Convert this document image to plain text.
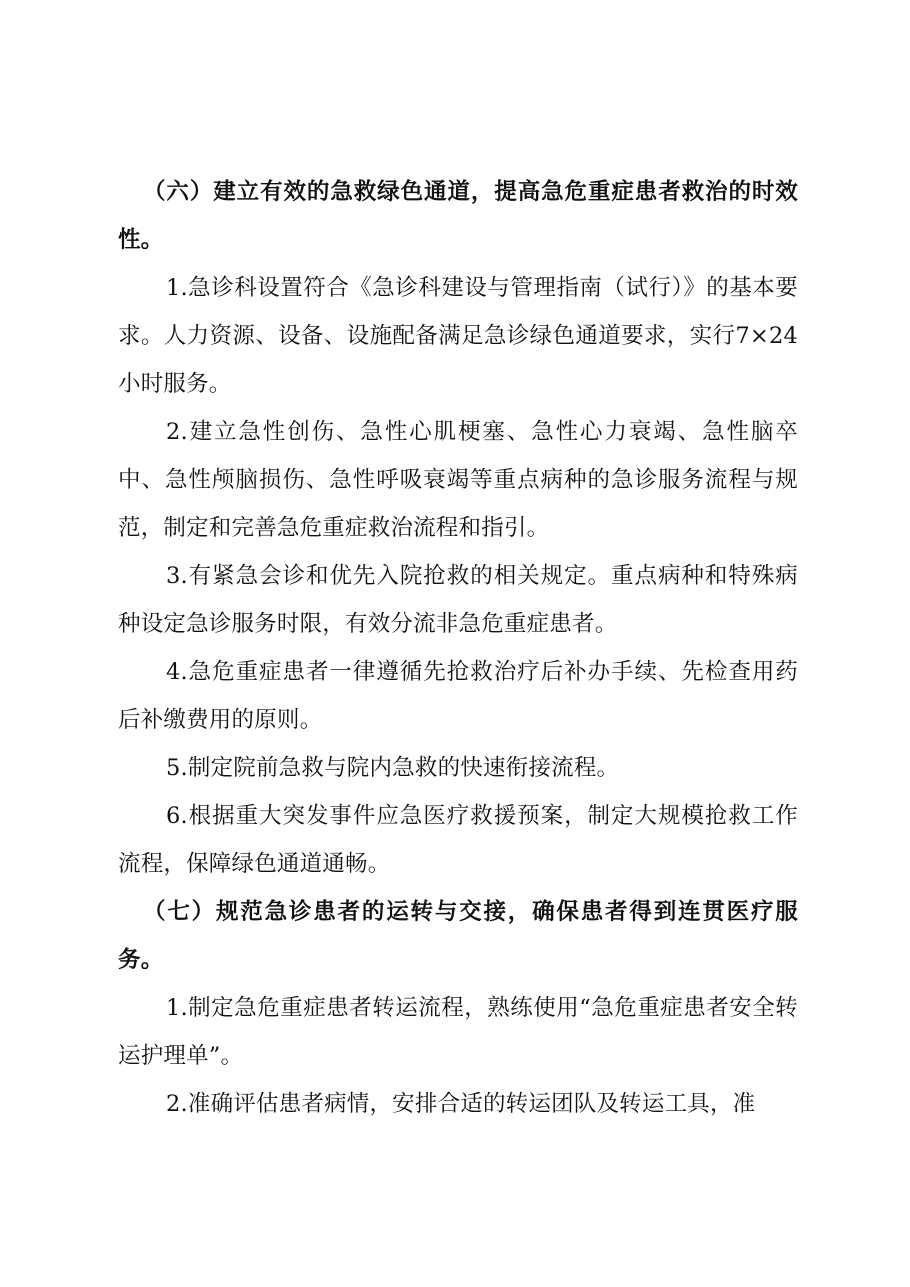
（六）建立有效的急救绿色通道，提高急危重症患者救治的时效性。

1.急诊科设置符合《急诊科建设与管理指南（试行）》的基本要求。人力资源、设备、设施配备满足急诊绿色通道要求，实行7×24小时服务。

2.建立急性创伤、急性心肌梗塞、急性心力衰竭、急性脑卒中、急性颅脑损伤、急性呼吸衰竭等重点病种的急诊服务流程与规范，制定和完善急危重症救治流程和指引。

3.有紧急会诊和优先入院抢救的相关规定。重点病种和特殊病种设定急诊服务时限，有效分流非急危重症患者。

4.急危重症患者一律遵循先抢救治疗后补办手续、先检查用药后补缴费用的原则。

5.制定院前急救与院内急救的快速衔接流程。

6.根据重大突发事件应急医疗救援预案，制定大规模抢救工作流程，保障绿色通道通畅。

（七）规范急诊患者的运转与交接，确保患者得到连贯医疗服务。

1.制定急危重症患者转运流程，熟练使用“急危重症患者安全转运护理单”。

2.准确评估患者病情，安排合适的转运团队及转运工具，准
